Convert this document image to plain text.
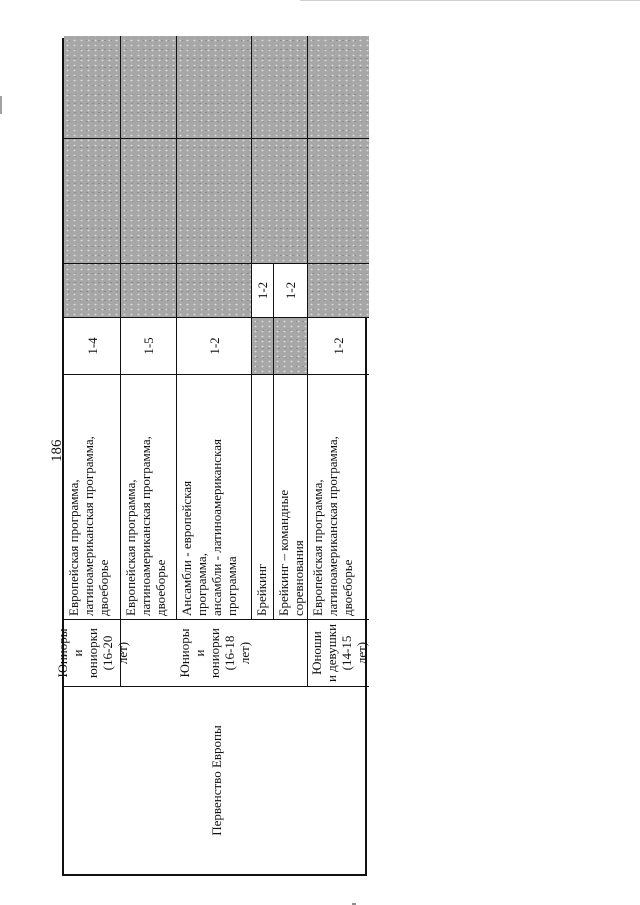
186
Первенство Европы
Юниоры и юниорки (16-20 лет)	Юниоры и юниорки (16-18 лет)	Юноши и девушки (14-15 лет)
Европейская программа, латиноамериканская программа, двоеборье
1-4
Европейская программа, латиноамериканская программа, двоеборье
1-5
Ансамбли - европейская программа, ансамбли - латиноамериканская программа
1-2
Брейкинг
1-2
Брейкинг – командные соревнования
1-2
Европейская программа, латиноамериканская программа, двоеборье
1-2
